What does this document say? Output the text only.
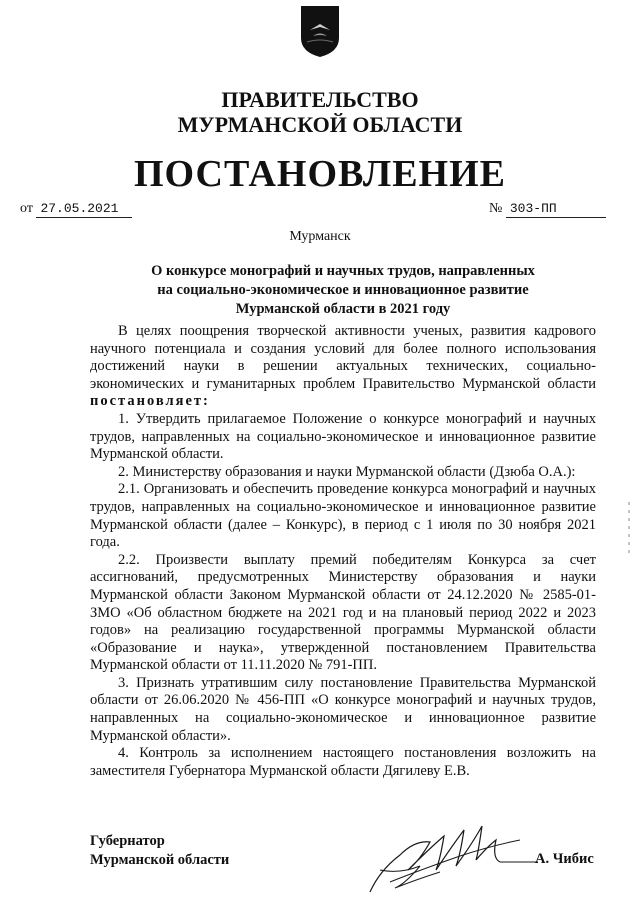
ПРАВИТЕЛЬСТВО
МУРМАНСКОЙ ОБЛАСТИ
ПОСТАНОВЛЕНИЕ
от 27.05.2021	№ 303-ПП
Мурманск

О конкурсе монографий и научных трудов, направленных

на социально-экономическое и инновационное развитие

Мурманской области в 2021 году

В целях поощрения творческой активности ученых, развития кадрового научного потенциала и создания условий для более полного использования достижений науки в решении актуальных технических, социально-экономических и гуманитарных проблем Правительство Мурманской области постановляет:

1. Утвердить прилагаемое Положение о конкурсе монографий и научных трудов, направленных на социально-экономическое и инновационное развитие Мурманской области.

2. Министерству образования и науки Мурманской области (Дзюба О.А.):

2.1. Организовать и обеспечить проведение конкурса монографий и научных трудов, направленных на социально-экономическое и инновационное развитие Мурманской области (далее – Конкурс), в период с 1 июля по 30 ноября 2021 года.

2.2. Произвести выплату премий победителям Конкурса за счет ассигнований, предусмотренных Министерству образования и науки Мурманской области Законом Мурманской области от 24.12.2020 № 2585-01-ЗМО «Об областном бюджете на 2021 год и на плановый период 2022 и 2023 годов» на реализацию государственной программы Мурманской области «Образование и наука», утвержденной постановлением Правительства Мурманской области от 11.11.2020 № 791-ПП.

3. Признать утратившим силу постановление Правительства Мурманской области от 26.06.2020 № 456-ПП «О конкурсе монографий и научных трудов, направленных на социально-экономическое и инновационное развитие Мурманской области».

4. Контроль за исполнением настоящего постановления возложить на заместителя Губернатора Мурманской области Дягилеву Е.В.

Губернатор

Мурманской области	А. Чибис
